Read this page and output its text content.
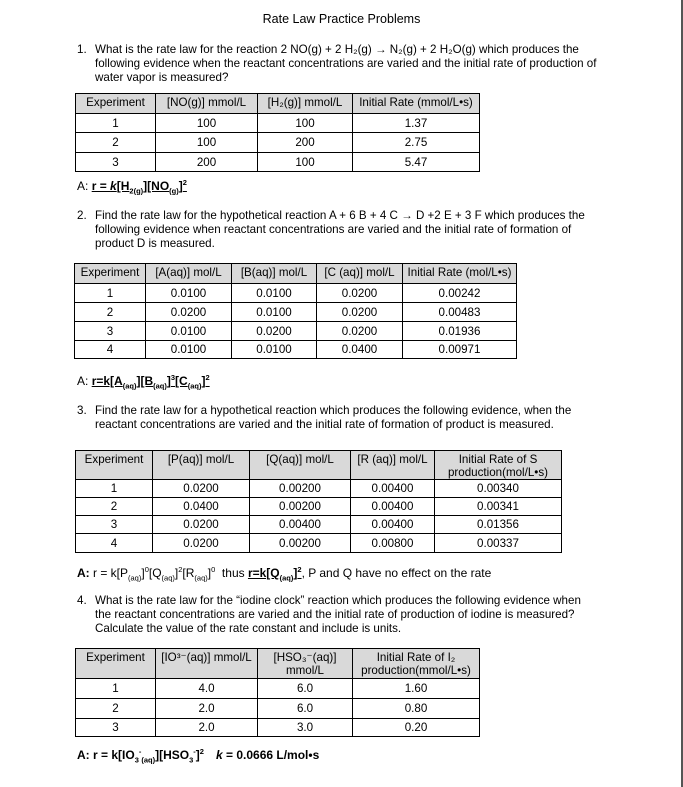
Rate Law Practice Problems
1. What is the rate law for the reaction 2 NO(g) + 2 H₂(g) → N₂(g) + 2 H₂O(g) which produces the following evidence when the reactant concentrations are varied and the initial rate of production of water vapor is measured?
Experiment	[NO(g)] mmol/L	[H₂(g)] mmol/L	Initial Rate (mmol/L•s)
1	100	100	1.37
2	100	200	2.75
3	200	100	5.47
A: $r = k[H_{2(g)}][NO_{(g)}]^2$
2. Find the rate law for the hypothetical reaction A + 6 B + 4 C → D +2 E + 3 F which produces the following evidence when reactant concentrations are varied and the initial rate of formation of product D is measured.
Experiment	[A(aq)] mol/L	[B(aq)] mol/L	[C (aq)] mol/L	Initial Rate (mol/L•s)
1	0.0100	0.0100	0.0200	0.00242
2	0.0200	0.0100	0.0200	0.00483
3	0.0100	0.0200	0.0200	0.01936
4	0.0100	0.0100	0.0400	0.00971
A: $r=k[A_{(aq)}][B_{(aq)}]^3[C_{(aq)}]^2$
3. Find the rate law for a hypothetical reaction which produces the following evidence, when the reactant concentrations are varied and the initial rate of formation of product is measured.
Experiment	[P(aq)] mol/L	[Q(aq)] mol/L	[R (aq)] mol/L	Initial Rate of S production(mol/L•s)
1	0.0200	0.00200	0.00400	0.00340
2	0.0400	0.00200	0.00400	0.00341
3	0.0200	0.00400	0.00400	0.01356
4	0.0200	0.00200	0.00800	0.00337
A: $r = k[P_{(aq)}]^0[Q_{(aq)}]^2[R_{(aq)}]^0$  thus $r=k[Q_{(aq)}]^2$, P and Q have no effect on the rate
4. What is the rate law for the “iodine clock” reaction which produces the following evidence when the reactant concentrations are varied and the initial rate of production of iodine is measured? Calculate the value of the rate constant and include is units.
Experiment	[IO³⁻(aq)] mmol/L	[HSO₃⁻(aq)] mmol/L	Initial Rate of I₂ production(mmol/L•s)
1	4.0	6.0	1.60
2	2.0	6.0	0.80
3	2.0	3.0	0.20
A: $r = k[IO_3^-_{(aq)}][HSO_3^-]^2$ k = 0.0666 L/mol•s
